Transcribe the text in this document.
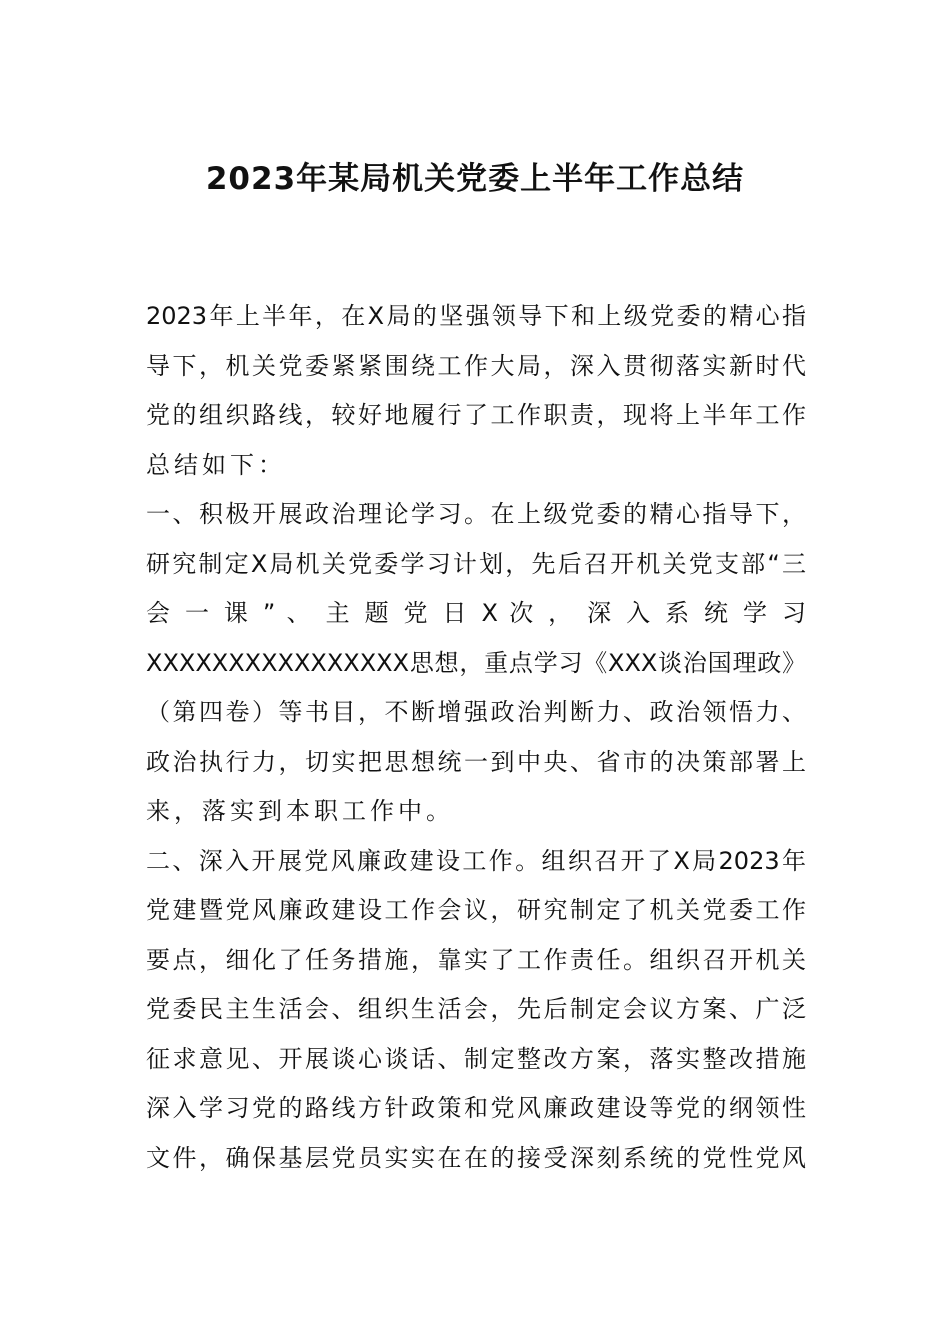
2023年某局机关党委上半年工作总结
2023年上半年，在X局的坚强领导下和上级党委的精心指
导下，机关党委紧紧围绕工作大局，深入贯彻落实新时代
党的组织路线，较好地履行了工作职责，现将上半年工作
总结如下：
一、积极开展政治理论学习。在上级党委的精心指导下，
研究制定X局机关党委学习计划，先后召开机关党支部“三
会 一 课 ” 、 主 题 党 日 X 次 ， 深 入 系 统 学 习
XXXXXXXXXXXXXXXX思想，重点学习《XXX谈治国理政》
（第四卷）等书目，不断增强政治判断力、政治领悟力、
政治执行力，切实把思想统一到中央、省市的决策部署上
来，落实到本职工作中。
二、深入开展党风廉政建设工作。组织召开了X局2023年
党建暨党风廉政建设工作会议，研究制定了机关党委工作
要点，细化了任务措施，靠实了工作责任。组织召开机关
党委民主生活会、组织生活会，先后制定会议方案、广泛
征求意见、开展谈心谈话、制定整改方案，落实整改措施
深入学习党的路线方针政策和党风廉政建设等党的纲领性
文件，确保基层党员实实在在的接受深刻系统的党性党风
